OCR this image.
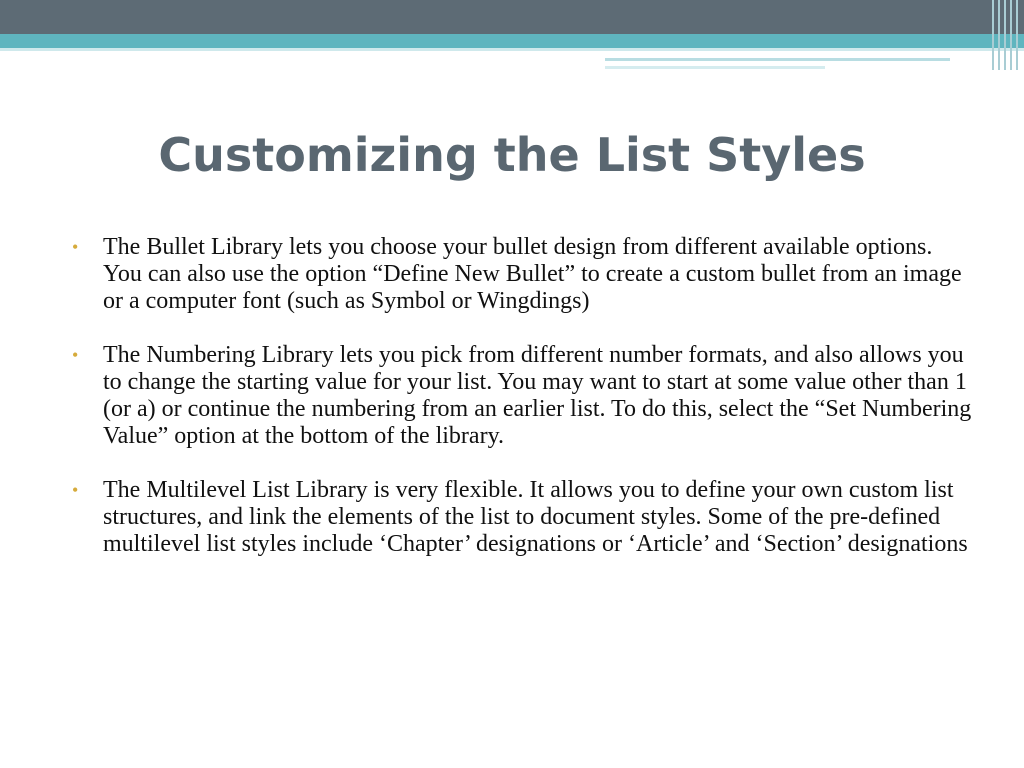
Customizing the List Styles
• The Bullet Library lets you choose your bullet design from different available options. You can also use the option “Define New Bullet” to create a custom bullet from an image or a computer font (such as Symbol or Wingdings)
• The Numbering Library lets you pick from different number formats, and also allows you to change the starting value for your list. You may want to start at some value other than 1 (or a) or continue the numbering from an earlier list. To do this, select the “Set Numbering Value” option at the bottom of the library.
• The Multilevel List Library is very flexible. It allows you to define your own custom list structures, and link the elements of the list to document styles. Some of the pre-defined multilevel list styles include ‘Chapter’ designations or ‘Article’ and ‘Section’ designations
